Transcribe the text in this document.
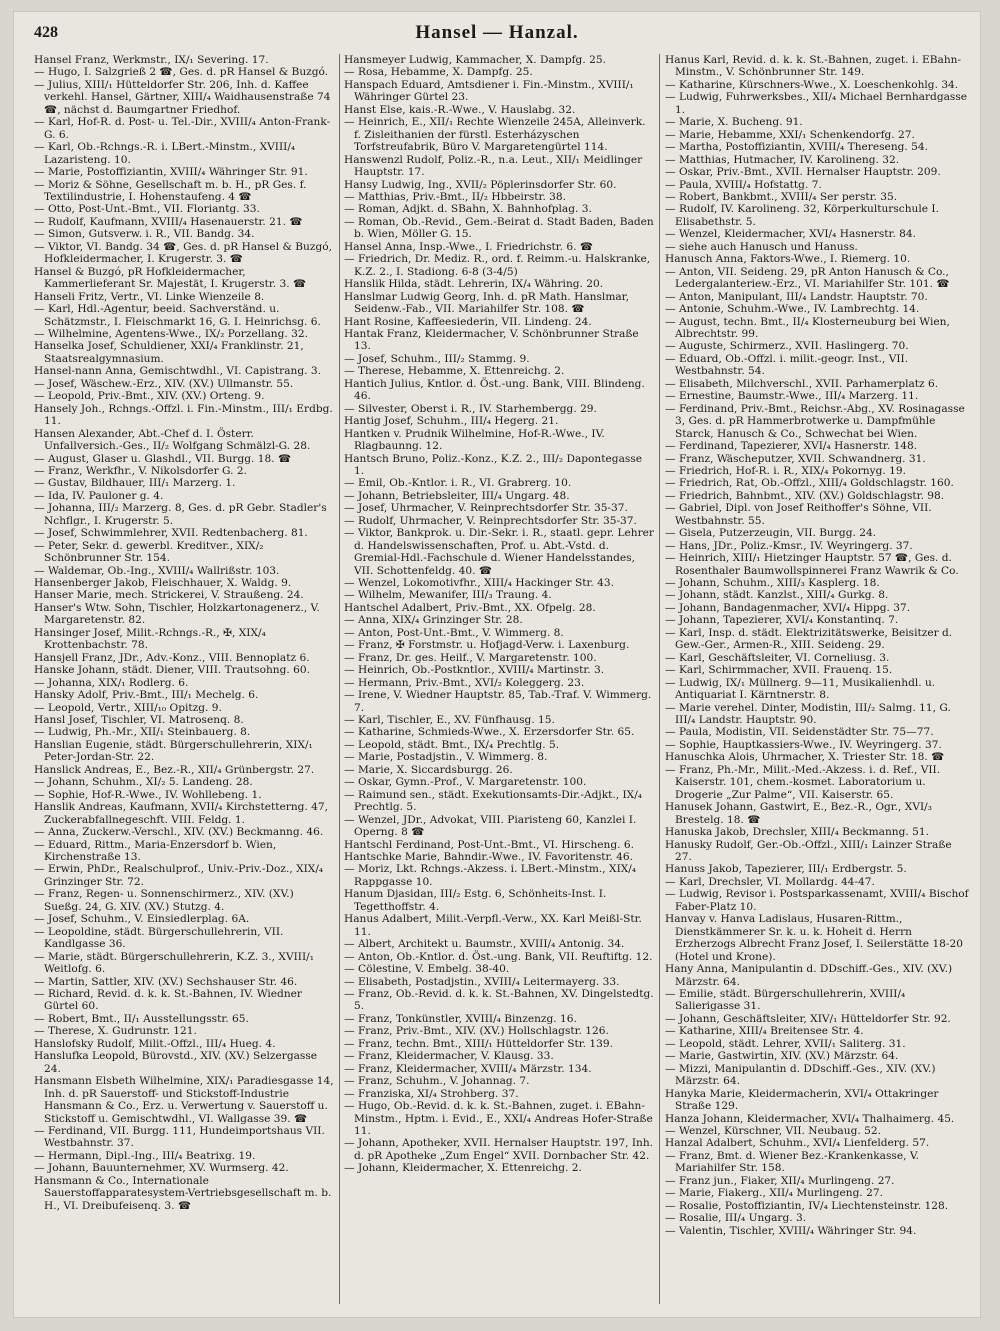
428	Hansel — Hanzal.

Hansel Franz, Werkmstr., IX/₁ Severing. 17.

— Hugo, I. Salzgrieß 2 ☎, Ges. d. pR Hansel & Buzgó.

— Julius, XIII/₁ Hütteldorfer Str. 206, Inh. d. Kaffee verkehl. Hansel, Gärtner, XIII/₄ Waidhausenstraße 74 ☎, nächst d. Baumgartner Friedhof.

— Karl, Hof-R. d. Post- u. Tel.-Dir., XVIII/₄ Anton-Frank-G. 6.

— Karl, Ob.-Rchngs.-R. i. LBert.-Minstm., XVIII/₄ Lazaristeng. 10.

— Marie, Postoffiziantin, XVIII/₄ Währinger Str. 91.

— Moriz & Söhne, Gesellschaft m. b. H., pR Ges. f. Textilindustrie, I. Hohenstaufeng. 4 ☎

— Otto, Post-Unt.-Bmt., VII. Floriantg. 33.

— Rudolf, Kaufmann, XVIII/₄ Hasenauerstr. 21. ☎

— Simon, Gutsverw. i. R., VII. Bandg. 34.

— Viktor, VI. Bandg. 34 ☎, Ges. d. pR Hansel & Buzgó, Hofkleidermacher, I. Krugerstr. 3. ☎

Hansel & Buzgó, pR Hofkleidermacher, Kammerlieferant Sr. Majestät, I. Krugerstr. 3. ☎

Hanseli Fritz, Vertr., VI. Linke Wienzeile 8.

— Karl, Hdl.-Agentur, beeid. Sachverständ. u. Schätzmstr., I. Fleischmarkt 16, G. I. Heinrichsg. 6.

— Wilhelmine, Agentens-Wwe., IX/₂ Porzellang. 32.

Hanselka Josef, Schuldiener, XXI/₄ Franklinstr. 21, Staatsrealgymnasium.

Hansel-nann Anna, Gemischtwdhl., VI. Capistrang. 3.

— Josef, Wäschew.-Erz., XIV. (XV.) Ullmanstr. 55.

— Leopold, Priv.-Bmt., XIV. (XV.) Orteng. 9.

Hansely Joh., Rchngs.-Offzl. i. Fin.-Minstm., III/₁ Erdbg. 11.

Hansen Alexander, Abt.-Chef d. I. Österr. Unfallversich.-Ges., II/₂ Wolfgang Schmälzl-G. 28.

— August, Glaser u. Glashdl., VII. Burgg. 18. ☎

— Franz, Werkfhr., V. Nikolsdorfer G. 2.

— Gustav, Bildhauer, III/₁ Marzerg. 1.

— Ida, IV. Pauloner g. 4.

— Johanna, III/₂ Marzerg. 8, Ges. d. pR Gebr. Stadler's Nchflgr., I. Krugerstr. 5.

— Josef, Schwimmlehrer, XVII. Redtenbacherg. 81.

— Peter, Sekr. d. gewerbl. Kreditver., XIX/₂ Schönbrunner Str. 154.

— Waldemar, Ob.-Ing., XVIII/₄ Wallrißstr. 103.

Hansenberger Jakob, Fleischhauer, X. Waldg. 9.

Hanser Marie, mech. Strickerei, V. Straußeng. 24.

Hanser's Wtw. Sohn, Tischler, Holzkartonagenerz., V. Margaretenstr. 82.

Hansinger Josef, Milit.-Rchngs.-R., ✠, XIX/₄ Krottenbachstr. 78.

Hansjell Franz, JDr., Adv.-Konz., VIII. Bennoplatz 6.

Hanske Johann, städt. Diener, VIII. Trautsohng. 60.

— Johanna, XIX/₁ Rodlerg. 6.

Hansky Adolf, Priv.-Bmt., III/₁ Mechelg. 6.

— Leopold, Vertr., XIII/₁₀ Opitzg. 9.

Hansl Josef, Tischler, VI. Matrosenq. 8.

— Ludwig, Ph.-Mr., XII/₁ Steinbauerg. 8.

Hanslian Eugenie, städt. Bürgerschullehrerin, XIX/₁ Peter-Jordan-Str. 22.

Hanslick Andreas, E., Bez.-R., XII/₄ Grünbergstr. 27.

— Johann, Schuhm., XI/₂ 5. Landeng. 28.

— Sophie, Hof-R.-Wwe., IV. Wohllebeng. 1.

Hanslik Andreas, Kaufmann, XVII/₄ Kirchstetterng. 47, Zuckerabfallnegeschft. VIII. Feldg. 1.

— Anna, Zuckerw.-Verschl., XIV. (XV.) Beckmanng. 46.

— Eduard, Rittm., Maria-Enzersdorf b. Wien, Kirchenstraße 13.

— Erwin, PhDr., Realschulprof., Univ.-Priv.-Doz., XIX/₄ Grinzinger Str. 72.

— Franz, Regen- u. Sonnenschirmerz., XIV. (XV.) Sueßg. 24, G. XIV. (XV.) Stutzg. 4.

— Josef, Schuhm., V. Einsiedlerplag. 6A.

— Leopoldine, städt. Bürgerschullehrerin, VII. Kandlgasse 36.

— Marie, städt. Bürgerschullehrerin, K.Z. 3., XVIII/₁ Weitlofg. 6.

— Martin, Sattler, XIV. (XV.) Sechshauser Str. 46.

— Richard, Revid. d. k. k. St.-Bahnen, IV. Wiedner Gürtel 60.

— Robert, Bmt., II/₁ Ausstellungsstr. 65.

— Therese, X. Gudrunstr. 121.

Hanslofsky Rudolf, Milit.-Offzl., III/₄ Hueg. 4.

Hanslufka Leopold, Bürovstd., XIV. (XV.) Selzergasse 24.

Hansmann Elsbeth Wilhelmine, XIX/₁ Paradiesgasse 14, Inh. d. pR Sauerstoff- und Stickstoff-Industrie Hansmann & Co., Erz. u. Verwertung v. Sauerstoff u. Stickstoff u. Gemischtwdhl., VI. Wallgasse 39. ☎

— Ferdinand, VII. Burgg. 111, Hundeimportshaus VII. Westbahnstr. 37.

— Hermann, Dipl.-Ing., III/₄ Beatrixg. 19.

— Johann, Bauunternehmer, XV. Wurmserg. 42.

Hansmann & Co., Internationale Sauerstoffapparatesystem-Vertriebsgesellschaft m. b. H., VI. Dreibufeisenq. 3. ☎

Hansmeyer Ludwig, Kammacher, X. Dampfg. 25.

— Rosa, Hebamme, X. Dampfg. 25.

Hanspach Eduard, Amtsdiener i. Fin.-Minstm., XVIII/₁ Währinger Gürtel 23.

Hanst Else, kais.-R.-Wwe., V. Hauslabg. 32.

— Heinrich, E., XII/₁ Rechte Wienzeile 245A, Alleinverk. f. Zisleithanien der fürstl. Esterházyschen Torfstreufabrik, Büro V. Margaretengürtel 114.

Hanswenzl Rudolf, Poliz.-R., n.a. Leut., XII/₁ Meidlinger Hauptstr. 17.

Hansy Ludwig, Ing., XVII/₂ Pöplerinsdorfer Str. 60.

— Matthias, Priv.-Bmt., II/₂ Hbbeirstr. 38.

— Roman, Adjkt. d. SBahn, X. Bahnhofplag. 3.

— Roman, Ob.-Revid., Gem.-Beirat d. Stadt Baden, Baden b. Wien, Möller G. 15.

Hansel Anna, Insp.-Wwe., I. Friedrichstr. 6. ☎

— Friedrich, Dr. Mediz. R., ord. f. Reimm.-u. Halskranke, K.Z. 2., I. Stadiong. 6-8 (3-4/5)

Hanslik Hilda, städt. Lehrerin, IX/₄ Währing. 20.

Hanslmar Ludwig Georg, Inh. d. pR Math. Hanslmar, Seidenw.-Fab., VII. Mariahilfer Str. 108. ☎

Hant Rosine, Kaffeesiederin, VII. Lindeng. 24.

Hantak Franz, Kleidermacher, V. Schönbrunner Straße 13.

— Josef, Schuhm., III/₂ Stammg. 9.

— Therese, Hebamme, X. Ettenreichg. 2.

Hantich Julius, Kntlor. d. Öst.-ung. Bank, VIII. Blindeng. 46.

— Silvester, Oberst i. R., IV. Starhembergg. 29.

Hantig Josef, Schuhm., III/₄ Hegerg. 21.

Hantken v. Prudnik Wilhelmine, Hof-R.-Wwe., IV. Rlagbaunng. 12.

Hantsch Bruno, Poliz.-Konz., K.Z. 2., III/₂ Dapontegasse 1.

— Emil, Ob.-Kntlor. i. R., VI. Grabrerg. 10.

— Johann, Betriebsleiter, III/₄ Ungarg. 48.

— Josef, Uhrmacher, V. Reinprechtsdorfer Str. 35-37.

— Rudolf, Uhrmacher, V. Reinprechtsdorfer Str. 35-37.

— Viktor, Bankprok. u. Dir.-Sekr. i. R., staatl. gepr. Lehrer d. Handelswissenschaften, Prof. u. Abt.-Vstd. d. Gremial-Hdl.-Fachschule d. Wiener Handelsstandes, VII. Schottenfeldg. 40. ☎

— Wenzel, Lokomotivfhr., XIII/₄ Hackinger Str. 43.

— Wilhelm, Mewanifer, III/₃ Traung. 4.

Hantschel Adalbert, Priv.-Bmt., XX. Ofpelg. 28.

— Anna, XIX/₄ Grinzinger Str. 28.

— Anton, Post-Unt.-Bmt., V. Wimmerg. 8.

— Franz, ✠ Forstmstr. u. Hofjagd-Verw. i. Laxenburg.

— Franz, Dr. ges. Heilf., V. Margaretenstr. 100.

— Heinrich, Ob.-Postkntlor., XVIII/₄ Martinstr. 3.

— Hermann, Priv.-Bmt., XVI/₂ Koleggerg. 23.

— Irene, V. Wiedner Hauptstr. 85, Tab.-Traf. V. Wimmerg. 7.

— Karl, Tischler, E., XV. Fünfhausg. 15.

— Katharine, Schmieds-Wwe., X. Erzersdorfer Str. 65.

— Leopold, städt. Bmt., IX/₄ Prechtlg. 5.

— Marie, Postadjstin., V. Wimmerg. 8.

— Marie, X. Siccardsburgg. 26.

— Oskar, Gymn.-Prof., V. Margaretenstr. 100.

— Raimund sen., städt. Exekutionsamts-Dir.-Adjkt., IX/₄ Prechtlg. 5.

— Wenzel, JDr., Advokat, VIII. Piaristeng 60, Kanzlei I. Operng. 8 ☎

Hantschl Ferdinand, Post-Unt.-Bmt., VI. Hirscheng. 6.

Hantschke Marie, Bahndir.-Wwe., IV. Favoritenstr. 46.

— Moriz, Lkt. Rchngs.-Akzess. i. LBert.-Minstm., XIX/₄ Rappgasse 10.

Hanum Djasidan, III/₂ Estg. 6, Schönheits-Inst. I. Tegetthoffstr. 4.

Hanus Adalbert, Milit.-Verpfl.-Verw., XX. Karl Meißl-Str. 11.

— Albert, Architekt u. Baumstr., XVIII/₄ Antonig. 34.

— Anton, Ob.-Kntlor. d. Öst.-ung. Bank, VII. Reuftiftg. 12.

— Cölestine, V. Embelg. 38-40.

— Elisabeth, Postadjstin., XVIII/₄ Leitermayerg. 33.

— Franz, Ob.-Revid. d. k. k. St.-Bahnen, XV. Dingelstedtg. 5.

— Franz, Tonkünstler, XVIII/₄ Binzenzg. 16.

— Franz, Priv.-Bmt., XIV. (XV.) Hollschlagstr. 126.

— Franz, techn. Bmt., XIII/₁ Hütteldorfer Str. 139.

— Franz, Kleidermacher, V. Klausg. 33.

— Franz, Kleidermacher, XVIII/₄ Märzstr. 134.

— Franz, Schuhm., V. Johannag. 7.

— Franziska, XI/₄ Strohberg. 37.

— Hugo, Ob.-Revid. d. k. k. St.-Bahnen, zuget. i. EBahn-Minstm., Hptm. i. Evid., E., XXI/₄ Andreas Hofer-Straße 11.

— Johann, Apotheker, XVII. Hernalser Hauptstr. 197, Inh. d. pR Apotheke „Zum Engel“ XVII. Dornbacher Str. 42.

— Johann, Kleidermacher, X. Ettenreichg. 2.

Hanus Karl, Revid. d. k. k. St.-Bahnen, zuget. i. EBahn-Minstm., V. Schönbrunner Str. 149.

— Katharine, Kürschners-Wwe., X. Loeschenkohlg. 34.

— Ludwig, Fuhrwerksbes., XII/₄ Michael Bernhardgasse 1.

— Marie, X. Bucheng. 91.

— Marie, Hebamme, XXI/₁ Schenkendorfg. 27.

— Martha, Postoffiziantin, XVIII/₄ Thereseng. 54.

— Matthias, Hutmacher, IV. Karolineng. 32.

— Oskar, Priv.-Bmt., XVII. Hernalser Hauptstr. 209.

— Paula, XVIII/₄ Hofstattg. 7.

— Robert, Bankbmt., XVIII/₄ Ser perstr. 35.

— Rudolf, IV. Karolineng. 32, Körperkulturschule I. Elisabethstr. 5.

— Wenzel, Kleidermacher, XVI/₄ Hasnerstr. 84.

— siehe auch Hanusch und Hanuss.

Hanusch Anna, Faktors-Wwe., I. Riemerg. 10.

— Anton, VII. Seideng. 29, pR Anton Hanusch & Co., Ledergalanteriew.-Erz., VI. Mariahilfer Str. 101. ☎

— Anton, Manipulant, III/₄ Landstr. Hauptstr. 70.

— Antonie, Schuhm.-Wwe., IV. Lambrechtg. 14.

— August, techn. Bmt., II/₄ Klosterneuburg bei Wien, Albrechtstr. 99.

— Auguste, Schirmerz., XVII. Haslingerg. 70.

— Eduard, Ob.-Offzl. i. milit.-geogr. Inst., VII. Westbahnstr. 54.

— Elisabeth, Milchverschl., XVII. Parhamerplatz 6.

— Ernestine, Baumstr.-Wwe., III/₄ Marzerg. 11.

— Ferdinand, Priv.-Bmt., Reichsr.-Abg., XV. Rosinagasse 3, Ges. d. pR Hammerbrotwerke u. Dampfmühle Starck, Hanusch & Co., Schwechat bei Wien.

— Ferdinand, Tapezierer, XVI/₄ Hasnerstr. 148.

— Franz, Wäscheputzer, XVII. Schwandnerg. 31.

— Friedrich, Hof-R. i. R., XIX/₄ Pokornyg. 19.

— Friedrich, Rat, Ob.-Offzl., XIII/₄ Goldschlagstr. 160.

— Friedrich, Bahnbmt., XIV. (XV.) Goldschlagstr. 98.

— Gabriel, Dipl. von Josef Reithoffer's Söhne, VII. Westbahnstr. 55.

— Gisela, Putzerzeugin, VII. Burgg. 24.

— Hans, JDr., Poliz.-Kmsr., IV. Weyringerg. 37.

— Heinrich, XIII/₁ Hietzinger Hauptstr. 57 ☎, Ges. d. Rosenthaler Baumwollspinnerei Franz Wawrik & Co.

— Johann, Schuhm., XIII/₃ Kasplerg. 18.

— Johann, städt. Kanzlst., XIII/₄ Gurkg. 8.

— Johann, Bandagenmacher, XVI/₄ Hippg. 37.

— Johann, Tapezierer, XVI/₄ Konstantinq. 7.

— Karl, Insp. d. städt. Elektrizitätswerke, Beisitzer d. Gew.-Ger., Armen-R., XIII. Seideng. 29.

— Karl, Geschäftsleiter, VI. Corneliusg. 3.

— Karl, Schirmmacher, XVII. Frauenq. 15.

— Ludwig, IX/₁ Müllnerg. 9—11, Musikalienhdl. u. Antiquariat I. Kärntnerstr. 8.

— Marie verehel. Dinter, Modistin, III/₂ Salmg. 11, G. III/₄ Landstr. Hauptstr. 90.

— Paula, Modistin, VII. Seidenstädter Str. 75—77.

— Sophie, Hauptkassiers-Wwe., IV. Weyringerg. 37.

Hanuschka Alois, Uhrmacher, X. Triester Str. 18. ☎

— Franz, Ph.-Mr., Milit.-Med.-Akzess. i. d. Ref., VII. Kaiserstr. 101, chem.-kosmet. Laboratorium u. Drogerie „Zur Palme“, VII. Kaiserstr. 65.

Hanusek Johann, Gastwirt, E., Bez.-R., Ogr., XVI/₃ Brestelg. 18. ☎

Hanuska Jakob, Drechsler, XIII/₄ Beckmanng. 51.

Hanusky Rudolf, Ger.-Ob.-Offzl., XIII/₁ Lainzer Straße 27.

Hanuss Jakob, Tapezierer, III/₁ Erdbergstr. 5.

— Karl, Drechsler, VI. Mollardg. 44-47.

— Ludwig, Revisor i. Postsparkassenamt, XVIII/₄ Bischof Faber-Platz 10.

Hanvay v. Hanva Ladislaus, Husaren-Rittm., Dienstkämmerer Sr. k. u. k. Hoheit d. Herrn Erzherzogs Albrecht Franz Josef, I. Seilerstätte 18-20 (Hotel und Krone).

Hany Anna, Manipulantin d. DDschiff.-Ges., XIV. (XV.) Märzstr. 64.

— Emilie, städt. Bürgerschullehrerin, XVIII/₄ Salierigasse 31.

— Johann, Geschäftsleiter, XIV/₁ Hütteldorfer Str. 92.

— Katharine, XIII/₄ Breitensee Str. 4.

— Leopold, städt. Lehrer, XVII/₁ Saliterg. 31.

— Marie, Gastwirtin, XIV. (XV.) Märzstr. 64.

— Mizzi, Manipulantin d. DDschiff.-Ges., XIV. (XV.) Märzstr. 64.

Hanyka Marie, Kleidermacherin, XVI/₄ Ottakringer Straße 129.

Hanza Johann, Kleidermacher, XVI/₄ Thalhaimerg. 45.

— Wenzel, Kürschner, VII. Neubaug. 52.

Hanzal Adalbert, Schuhm., XVI/₄ Lienfelderg. 57.

— Franz, Bmt. d. Wiener Bez.-Krankenkasse, V. Mariahilfer Str. 158.

— Franz jun., Fiaker, XII/₄ Murlingeng. 27.

— Marie, Fiakerg., XII/₄ Murlingeng. 27.

— Rosalie, Postoffiziantin, IV/₄ Liechtensteinstr. 128.

— Rosalie, III/₄ Ungarg. 3.

— Valentin, Tischler, XVIII/₄ Währinger Str. 94.
